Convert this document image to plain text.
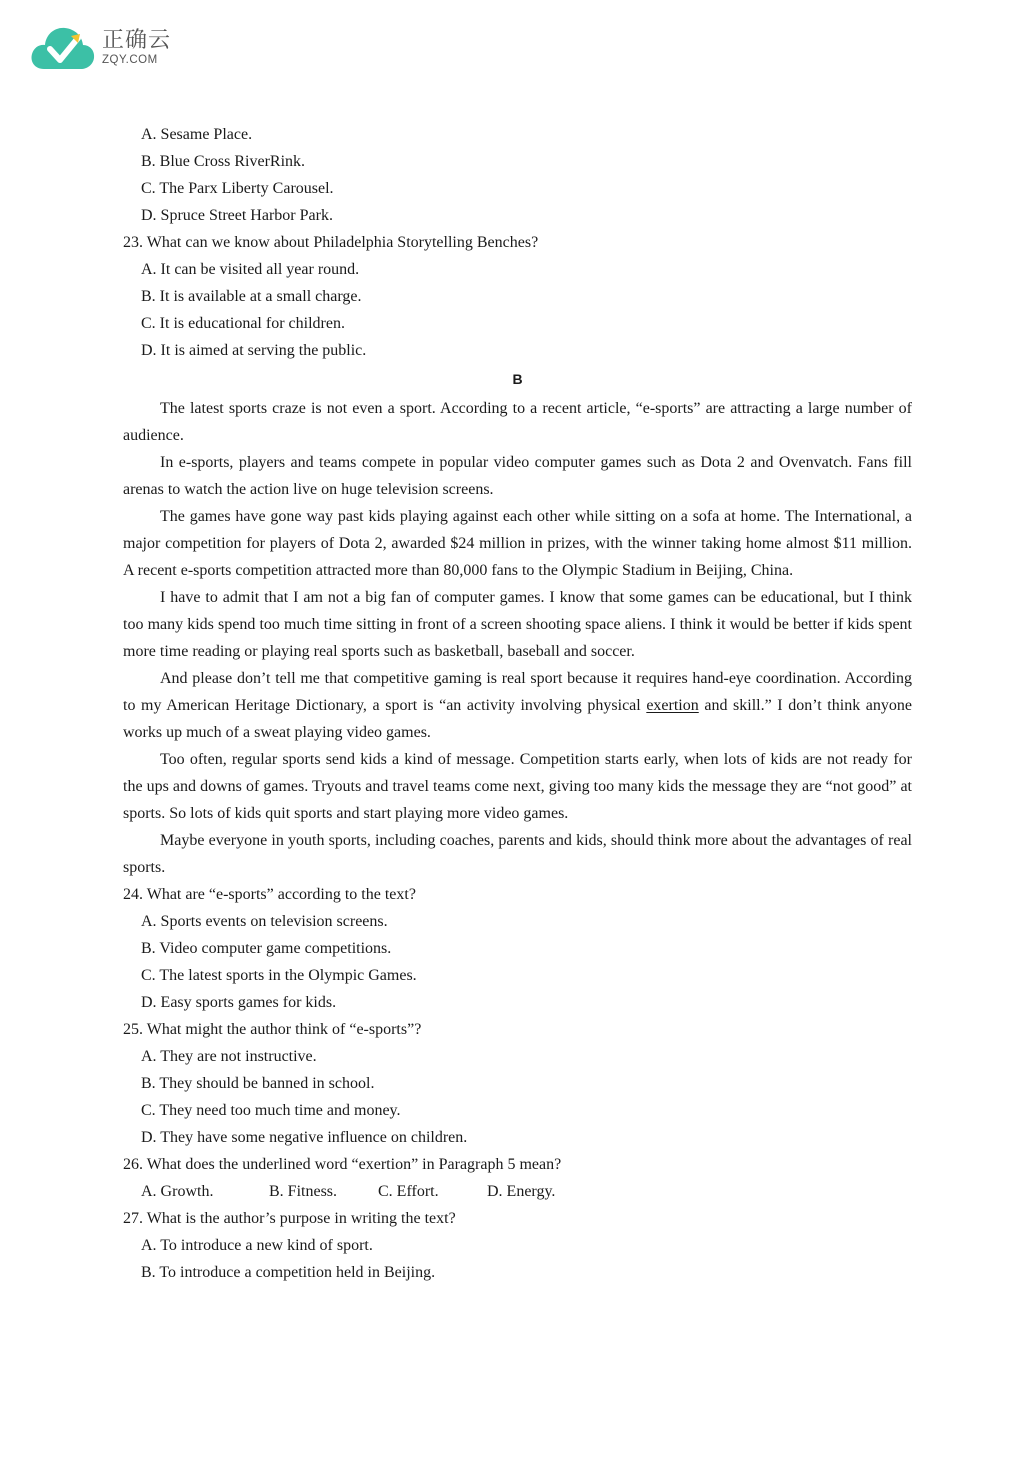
正确云
ZQY.COM
A. Sesame Place.
B. Blue Cross RiverRink.
C. The Parx Liberty Carousel.
D. Spruce Street Harbor Park.
23. What can we know about Philadelphia Storytelling Benches?
A. It can be visited all year round.
B. It is available at a small charge.
C. It is educational for children.
D. It is aimed at serving the public.
B

The latest sports craze is not even a sport. According to a recent article, “e-sports” are attracting a large number of audience.

In e-sports, players and teams compete in popular video computer games such as Dota 2 and Ovenvatch. Fans fill arenas to watch the action live on huge television screens.

The games have gone way past kids playing against each other while sitting on a sofa at home. The International, a major competition for players of Dota 2, awarded $24 million in prizes, with the winner taking home almost $11 million. A recent e-sports competition attracted more than 80,000 fans to the Olympic Stadium in Beijing, China.

I have to admit that I am not a big fan of computer games. I know that some games can be educational, but I think too many kids spend too much time sitting in front of a screen shooting space aliens. I think it would be better if kids spent more time reading or playing real sports such as basketball, baseball and soccer.

And please don’t tell me that competitive gaming is real sport because it requires hand-eye coordination. According to my American Heritage Dictionary, a sport is “an activity involving physical exertion and skill.” I don’t think anyone works up much of a sweat playing video games.

Too often, regular sports send kids a kind of message. Competition starts early, when lots of kids are not ready for the ups and downs of games. Tryouts and travel teams come next, giving too many kids the message they are “not good” at sports. So lots of kids quit sports and start playing more video games.

Maybe everyone in youth sports, including coaches, parents and kids, should think more about the advantages of real sports.

24. What are “e-sports” according to the text?
A. Sports events on television screens.
B. Video computer game competitions.
C. The latest sports in the Olympic Games.
D. Easy sports games for kids.
25. What might the author think of “e-sports”?
A. They are not instructive.
B. They should be banned in school.
C. They need too much time and money.
D. They have some negative influence on children.
26. What does the underlined word “exertion” in Paragraph 5 mean?
A. Growth.	B. Fitness.	C. Effort.	D. Energy.
27. What is the author’s purpose in writing the text?
A. To introduce a new kind of sport.
B. To introduce a competition held in Beijing.
